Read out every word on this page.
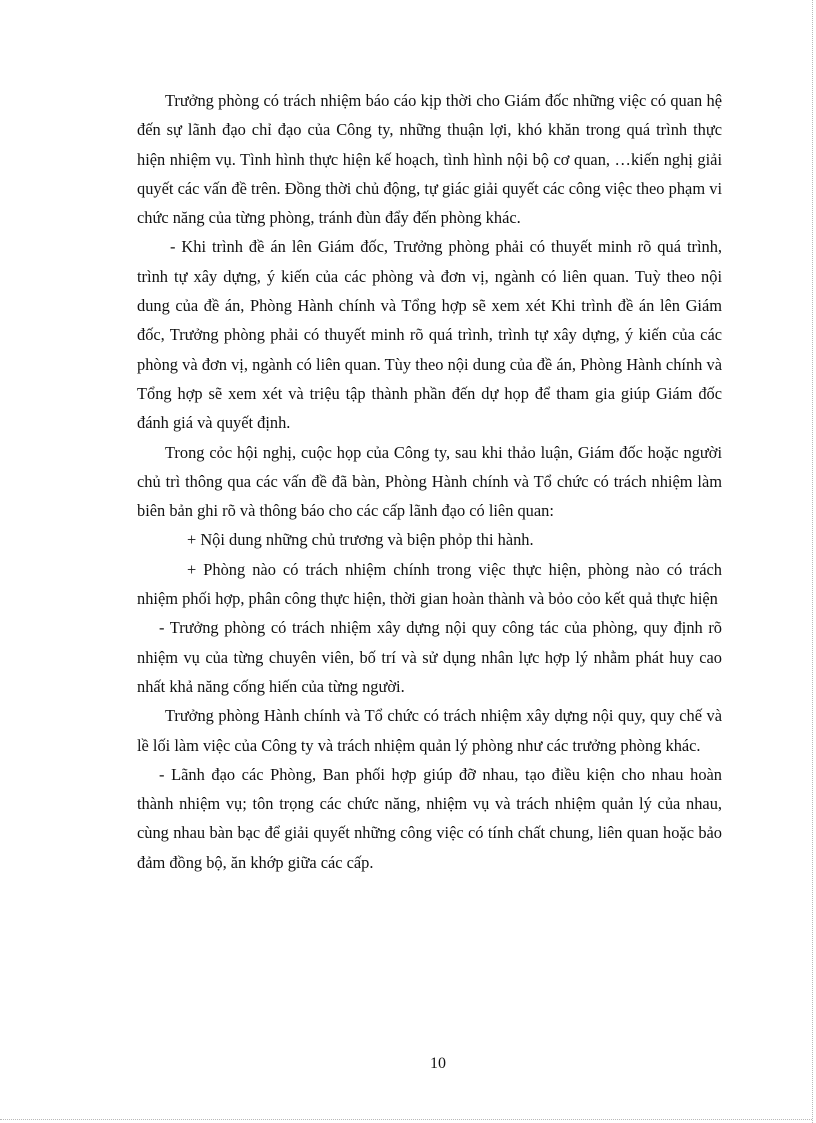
Trưởng phòng có trách nhiệm báo cáo kịp thời cho Giám đốc những việc có quan hệ đến sự lãnh đạo chỉ đạo của Công ty, những thuận lợi, khó khăn trong quá trình thực hiện nhiệm vụ. Tình hình thực hiện kế hoạch, tình hình nội bộ cơ quan, …kiến nghị giải quyết các vấn đề trên. Đồng thời chủ động, tự giác giải quyết các công việc theo phạm vi chức năng của từng phòng, tránh đùn đẩy đến phòng khác.

- Khi trình đề án lên Giám đốc, Trưởng phòng phải có thuyết minh rõ quá trình, trình tự xây dựng, ý kiến của các phòng và đơn vị, ngành có liên quan. Tuỳ theo nội dung của đề án, Phòng Hành chính và Tổng hợp sẽ xem xét Khi trình đề án lên Giám đốc, Trưởng phòng phải có thuyết minh rõ quá trình, trình tự xây dựng, ý kiến của các phòng và đơn vị, ngành có liên quan. Tùy theo nội dung của đề án, Phòng Hành chính và Tổng hợp sẽ xem xét và triệu tập thành phần đến dự họp để tham gia giúp Giám đốc đánh giá và quyết định.

Trong cỏc hội nghị, cuộc họp của Công ty, sau khi thảo luận, Giám đốc hoặc người chủ trì thông qua các vấn đề đã bàn, Phòng Hành chính và Tổ chức có trách nhiệm làm biên bản ghi rõ và thông báo cho các cấp lãnh đạo có liên quan:

+ Nội dung những chủ trương và biện phỏp thi hành.

+ Phòng nào có trách nhiệm chính trong việc thực hiện, phòng nào có trách nhiệm phối hợp, phân công thực hiện, thời gian hoàn thành và bỏo cỏo kết quả thực hiện

- Trưởng phòng có trách nhiệm xây dựng nội quy công tác của phòng, quy định rõ nhiệm vụ của từng chuyên viên, bố trí và sử dụng nhân lực hợp lý nhằm phát huy cao nhất khả năng cống hiến của từng người.

Trưởng phòng Hành chính và Tổ chức có trách nhiệm xây dựng nội quy, quy chế và lề lối làm việc của Công ty và trách nhiệm quản lý phòng như các trưởng phòng khác.

- Lãnh đạo các Phòng, Ban phối hợp giúp đỡ nhau, tạo điều kiện cho nhau hoàn thành nhiệm vụ; tôn trọng các chức năng, nhiệm vụ và trách nhiệm quản lý của nhau, cùng nhau bàn bạc để giải quyết những công việc có tính chất chung, liên quan hoặc bảo đảm đồng bộ, ăn khớp giữa các cấp.

10
